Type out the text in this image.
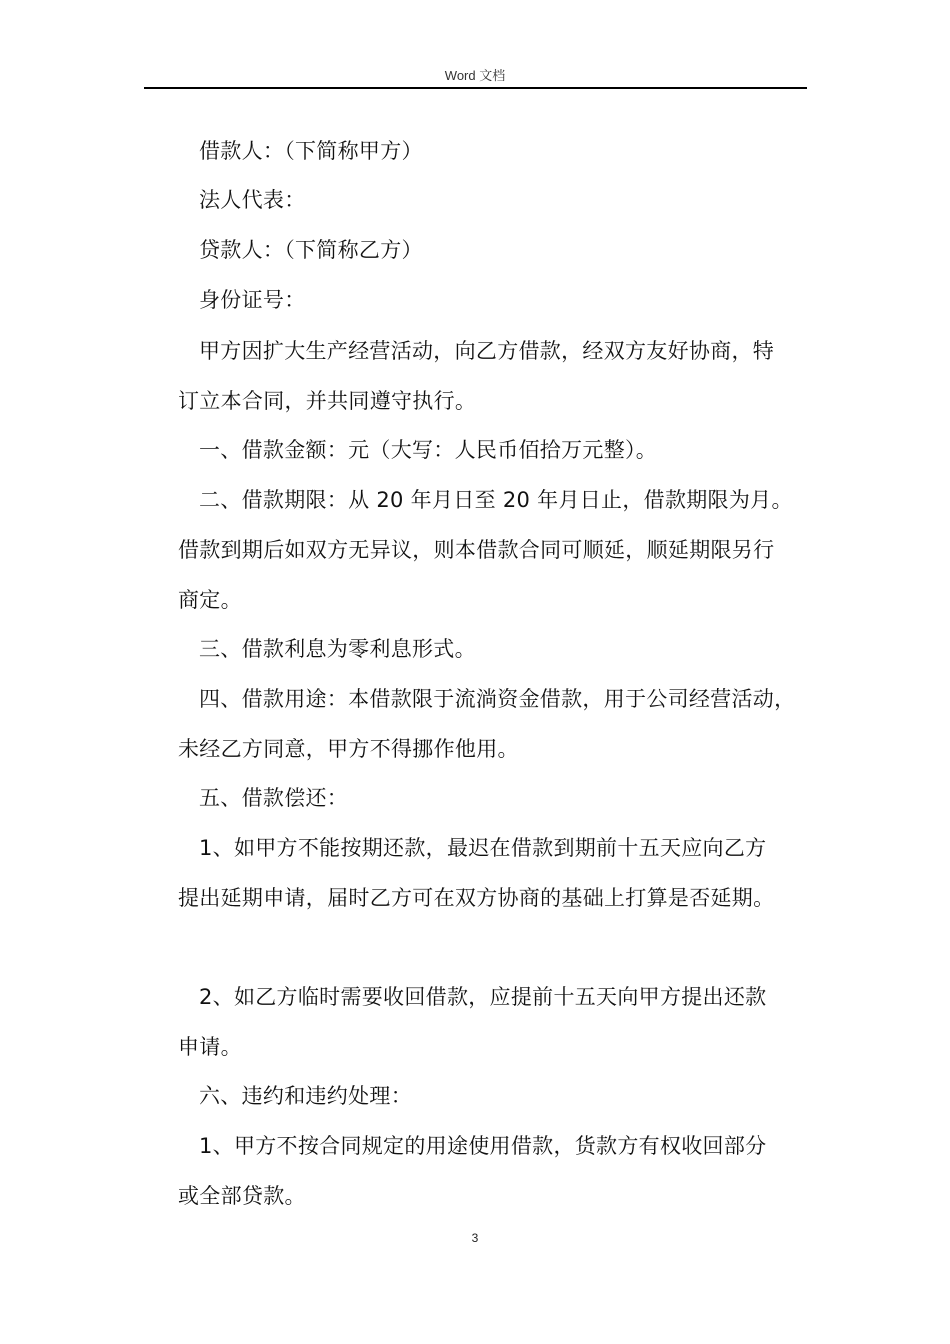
Word 文档
借款人：（下简称甲方）
法人代表：
贷款人：（下简称乙方）
身份证号：
甲方因扩大生产经营活动，向乙方借款，经双方友好协商，特
订立本合同，并共同遵守执行。
一、借款金额：元（大写：人民币佰拾万元整）。
二、借款期限：从 20 年月日至 20 年月日止，借款期限为月。
借款到期后如双方无异议，则本借款合同可顺延，顺延期限另行
商定。
三、借款利息为零利息形式。
四、借款用途：本借款限于流淌资金借款，用于公司经营活动，
未经乙方同意，甲方不得挪作他用。
五、借款偿还：
1、如甲方不能按期还款，最迟在借款到期前十五天应向乙方
提出延期申请，届时乙方可在双方协商的基础上打算是否延期。
2、如乙方临时需要收回借款，应提前十五天向甲方提出还款
申请。
六、违约和违约处理：
1、甲方不按合同规定的用途使用借款，货款方有权收回部分
或全部贷款。
3
